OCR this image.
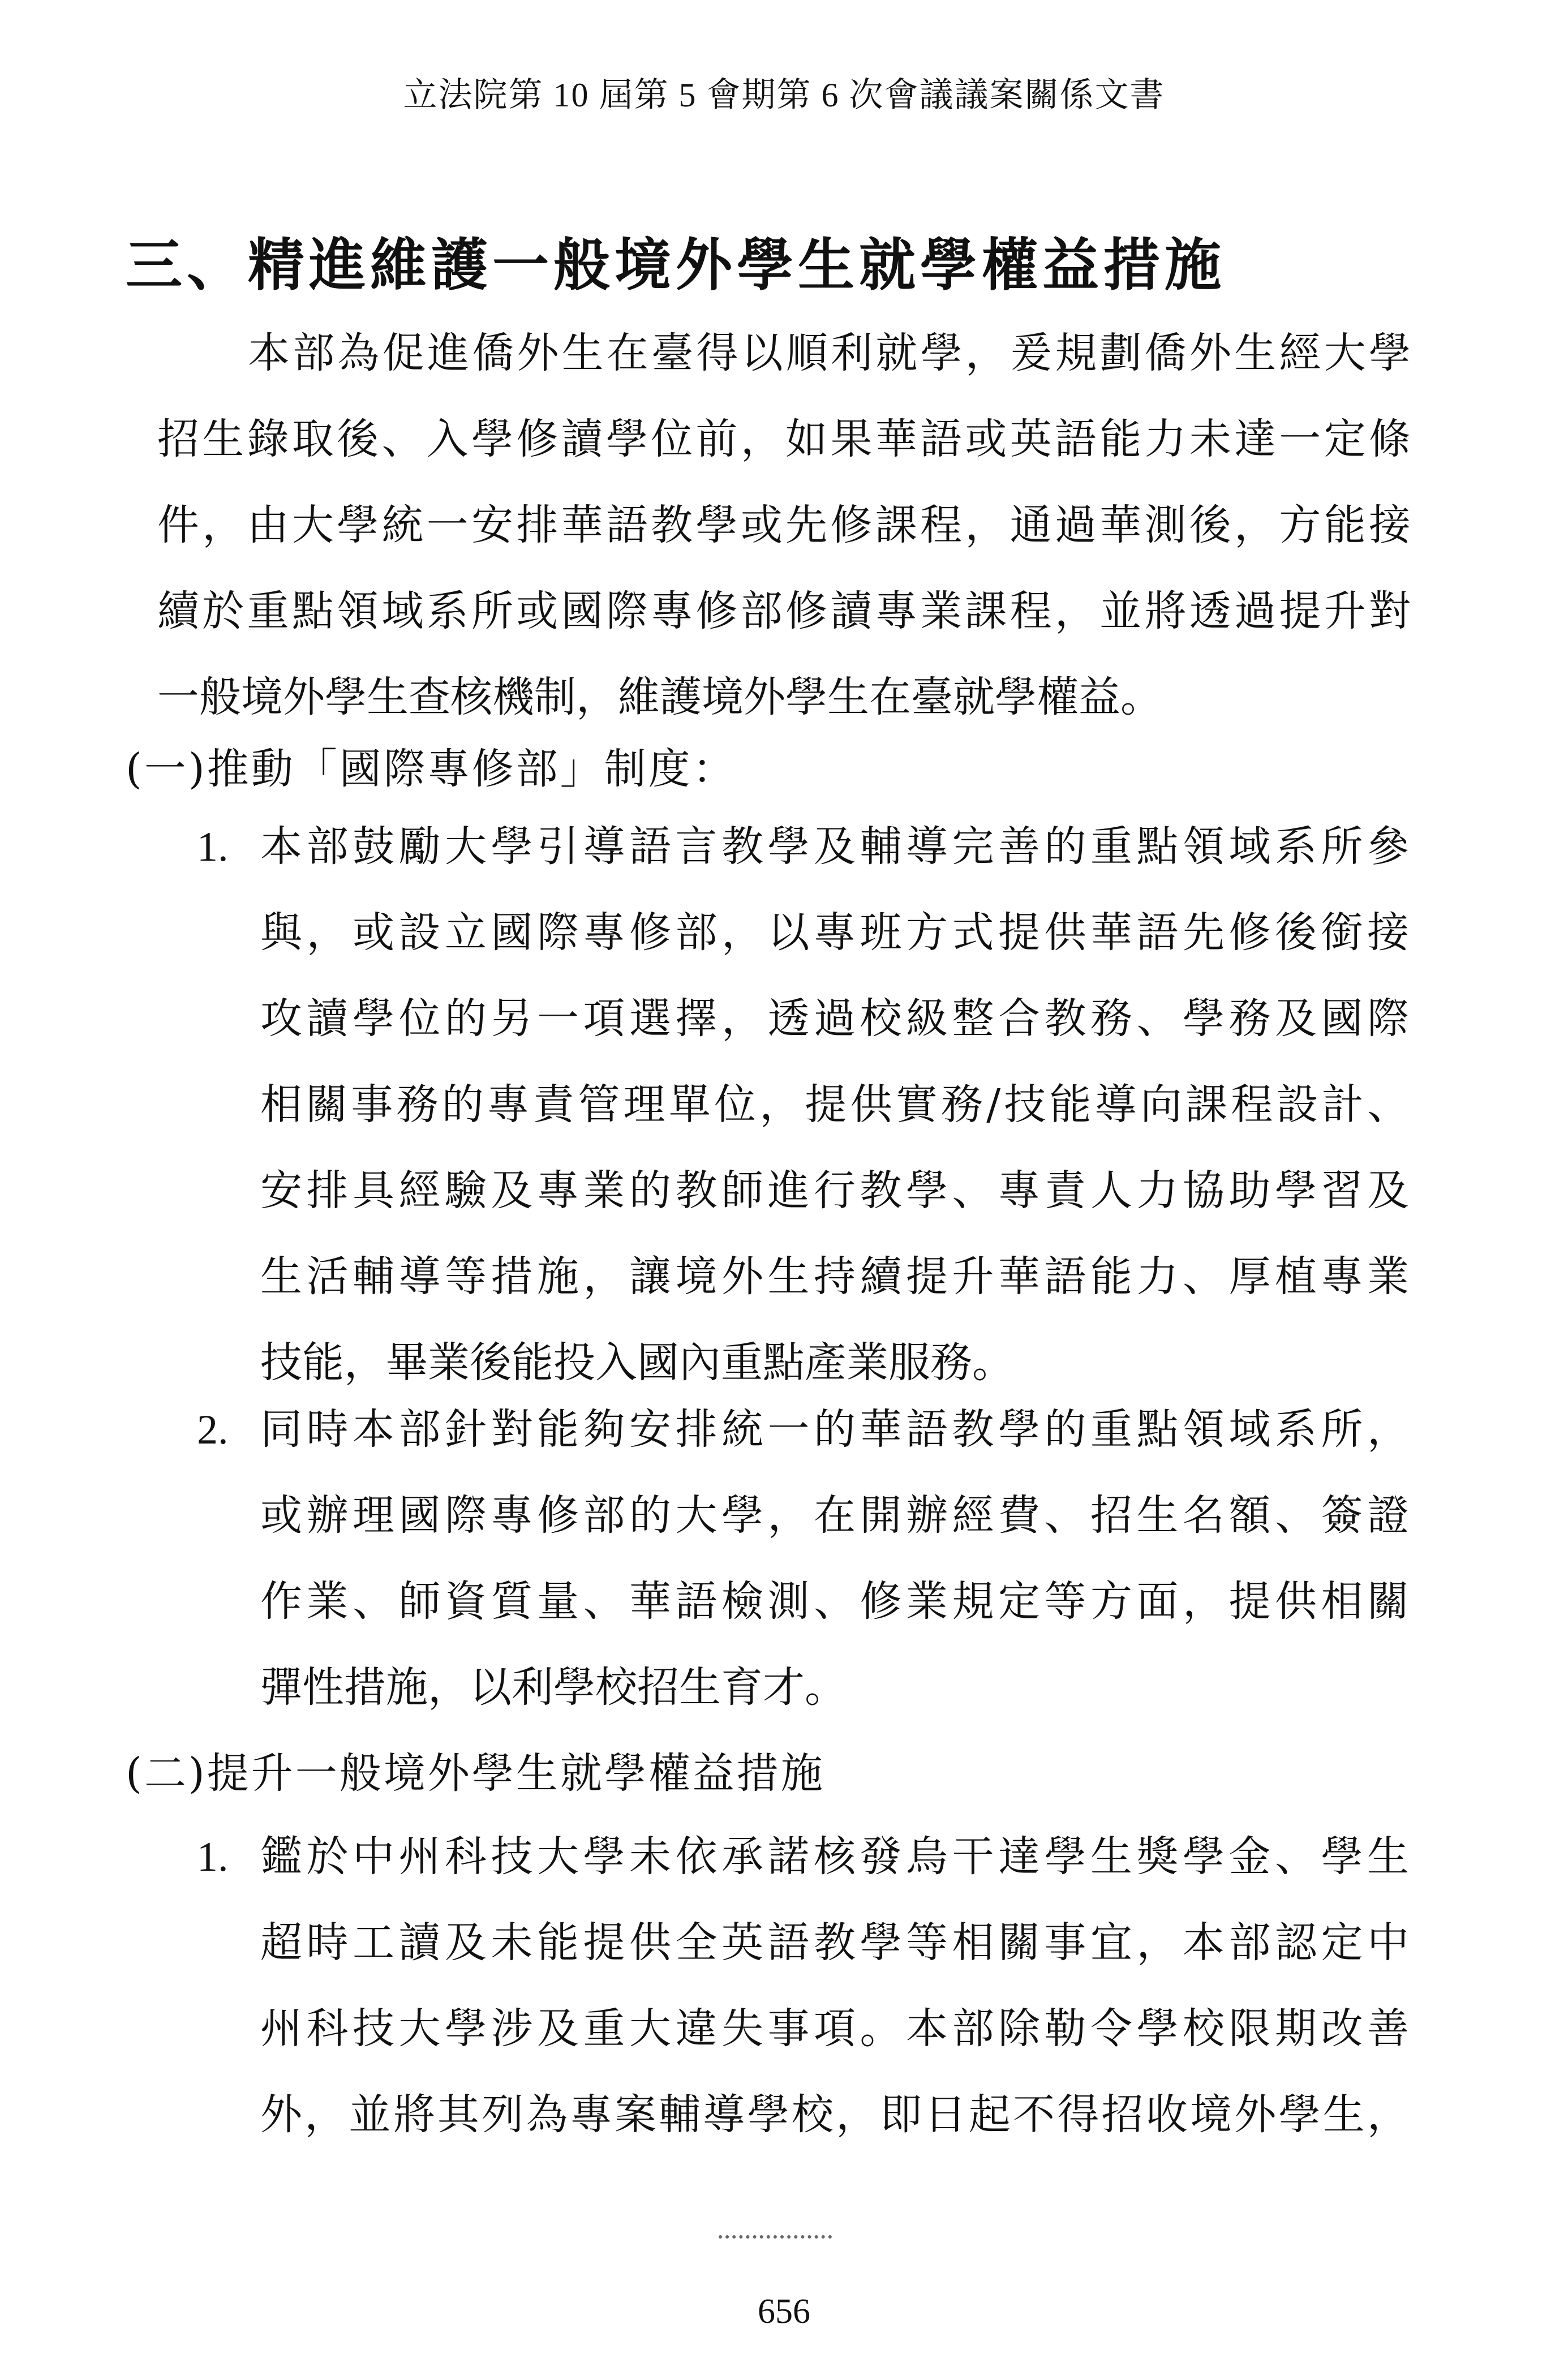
立法院第 10 屆第 5 會期第 6 次會議議案關係文書
三、精進維護一般境外學生就學權益措施
本部為促進僑外生在臺得以順利就學，爰規劃僑外生經大學
招生錄取後、入學修讀學位前，如果華語或英語能力未達一定條
件，由大學統一安排華語教學或先修課程，通過華測後，方能接
續於重點領域系所或國際專修部修讀專業課程，並將透過提升對
一般境外學生查核機制，維護境外學生在臺就學權益。
(一)推動「國際專修部」制度：
1. 本部鼓勵大學引導語言教學及輔導完善的重點領域系所參
與，或設立國際專修部，以專班方式提供華語先修後銜接
攻讀學位的另一項選擇，透過校級整合教務、學務及國際
相關事務的專責管理單位，提供實務/技能導向課程設計、
安排具經驗及專業的教師進行教學、專責人力協助學習及
生活輔導等措施，讓境外生持續提升華語能力、厚植專業
技能，畢業後能投入國內重點產業服務。
2. 同時本部針對能夠安排統一的華語教學的重點領域系所，
或辦理國際專修部的大學，在開辦經費、招生名額、簽證
作業、師資質量、華語檢測、修業規定等方面，提供相關
彈性措施，以利學校招生育才。
(二)提升一般境外學生就學權益措施
1. 鑑於中州科技大學未依承諾核發烏干達學生獎學金、學生
超時工讀及未能提供全英語教學等相關事宜，本部認定中
州科技大學涉及重大違失事項。本部除勒令學校限期改善
外，並將其列為專案輔導學校，即日起不得招收境外學生，
656
